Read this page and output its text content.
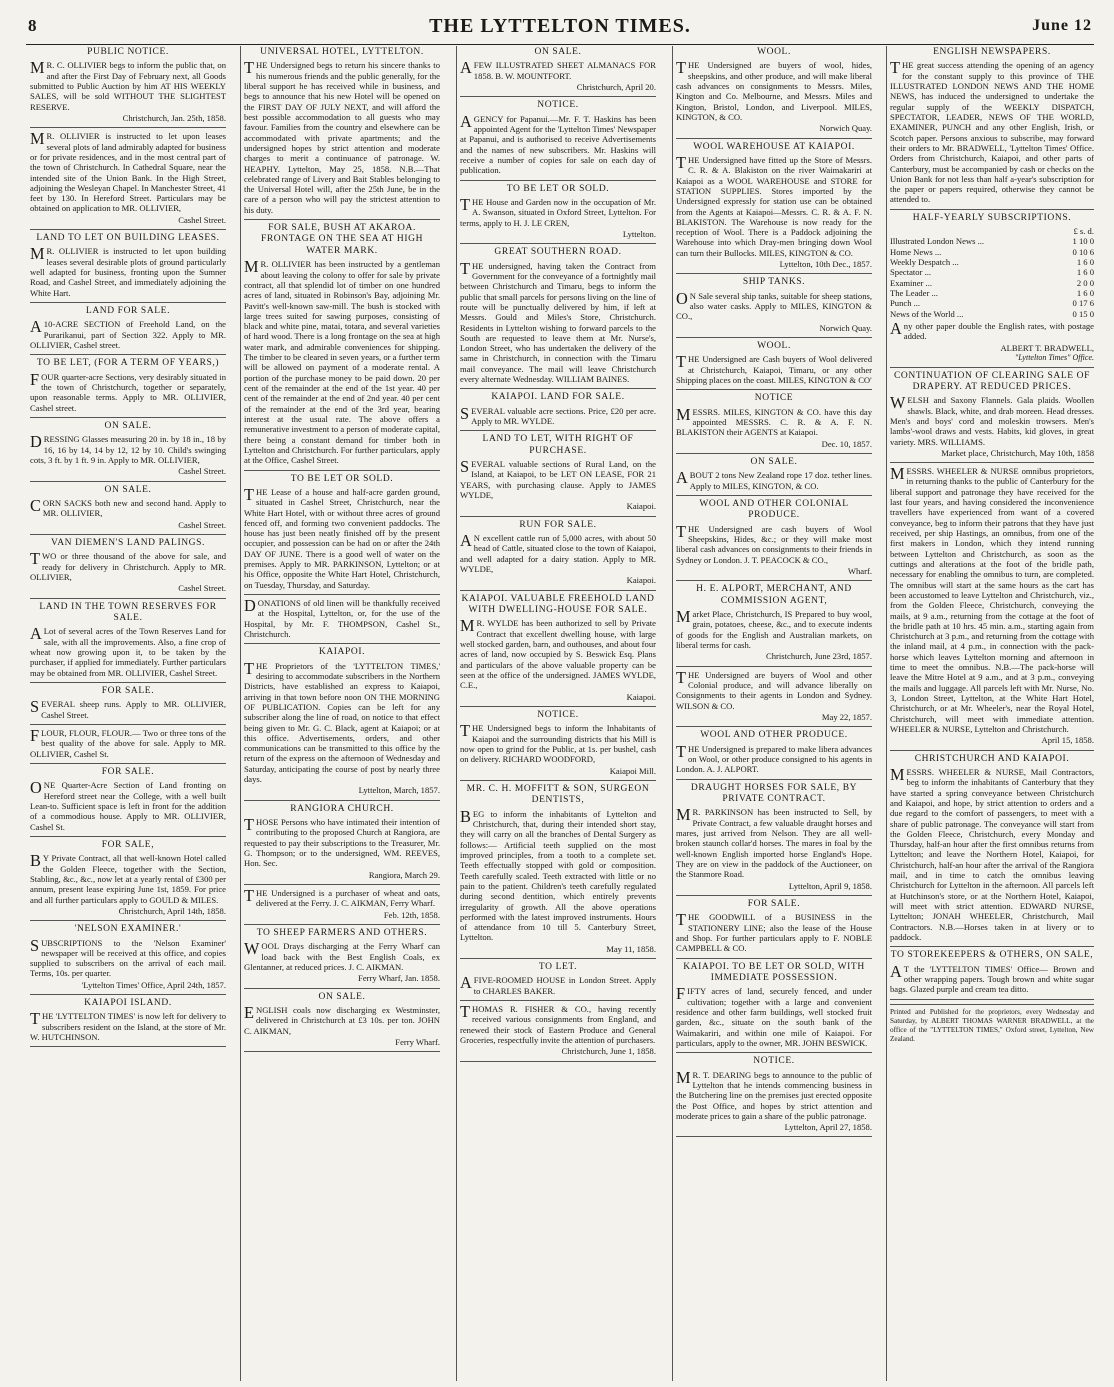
8	THE LYTTELTON TIMES.	June 12
PUBLIC NOTICE.

MR. C. OLLIVIER begs to inform the public that, on and after the First Day of February next, all Goods submitted to Public Auction by him AT HIS WEEKLY SALES, will be sold WITHOUT THE SLIGHTEST RESERVE.

Christchurch, Jan. 25th, 1858.

MR. OLLIVIER is instructed to let upon leases several plots of land admirably adapted for business or for private residences, and in the most central part of the town of Christchurch. In Cathedral Square, near the intended site of the Union Bank. In the High Street, adjoining the Wesleyan Chapel. In Manchester Street, 41 feet by 130. In Hereford Street. Particulars may be obtained on application to MR. OLLIVIER,

Cashel Street.
LAND TO LET ON BUILDING LEASES.

MR. OLLIVIER is instructed to let upon building leases several desirable plots of ground particularly well adapted for business, fronting upon the Sumner Road, and Cashel Street, and immediately adjoining the White Hart.

LAND FOR SALE.

A10-ACRE SECTION of Freehold Land, on the Purarikanui, part of Section 322. Apply to MR. OLLIVIER, Cashel street.

TO BE LET, (FOR A TERM OF YEARS,)

FOUR quarter-acre Sections, very desirably situated in the town of Christchurch, together or separately, upon reasonable terms. Apply to MR. OLLIVIER, Cashel street.

ON SALE.

DRESSING Glasses measuring 20 in. by 18 in., 18 by 16, 16 by 14, 14 by 12, 12 by 10. Child's swinging cots, 3 ft. by 1 ft. 9 in. Apply to MR. OLLIVIER,

Cashel Street.
ON SALE.

CORN SACKS both new and second hand. Apply to MR. OLLIVIER,

Cashel Street.
VAN DIEMEN'S LAND PALINGS.

TWO or three thousand of the above for sale, and ready for delivery in Christchurch. Apply to MR. OLLIVIER,

Cashel Street.
LAND IN THE TOWN RESERVES FOR SALE.

ALot of several acres of the Town Reserves Land for sale, with all the improvements. Also, a fine crop of wheat now growing upon it, to be taken by the purchaser, if applied for immediately. Further particulars may be obtained from MR. OLLIVIER, Cashel Street.

FOR SALE.

SEVERAL sheep runs. Apply to MR. OLLIVIER, Cashel Street.

FLOUR, FLOUR, FLOUR.— Two or three tons of the best quality of the above for sale. Apply to MR. OLLIVIER, Cashel St.

FOR SALE.

ONE Quarter-Acre Section of Land fronting on Hereford street near the College, with a well built Lean-to. Sufficient space is left in front for the addition of a commodious house. Apply to MR. OLLIVIER, Cashel St.

FOR SALE,

BY Private Contract, all that well-known Hotel called the Golden Fleece, together with the Section, Stabling, &c., &c., now let at a yearly rental of £300 per annum, present lease expiring June 1st, 1859. For price and all further particulars apply to GOULD & MILES.

Christchurch, April 14th, 1858.
'NELSON EXAMINER.'

SUBSCRIPTIONS to the 'Nelson Examiner' newspaper will be received at this office, and copies supplied to subscribers on the arrival of each mail. Terms, 10s. per quarter.

'Lyttelton Times' Office, April 24th, 1857.
KAIAPOI ISLAND.

THE 'LYTTELTON TIMES' is now left for delivery to subscribers resident on the Island, at the store of Mr. W. HUTCHINSON.

UNIVERSAL HOTEL, LYTTELTON.

THE Undersigned begs to return his sincere thanks to his numerous friends and the public generally, for the liberal support he has received while in business, and begs to announce that his new Hotel will be opened on the FIRST DAY OF JULY NEXT, and will afford the best possible accommodation to all guests who may favour. Families from the country and elsewhere can be accommodated with private apartments; and the undersigned hopes by strict attention and moderate charges to merit a continuance of patronage. W. HEAPHY. Lyttelton, May 25, 1858. N.B.—That celebrated range of Livery and Bait Stables belonging to the Universal Hotel will, after the 25th June, be in the care of a person who will pay the strictest attention to his duty.

FOR SALE, BUSH AT AKAROA. FRONTAGE ON THE SEA AT HIGH WATER MARK.

MR. OLLIVIER has been instructed by a gentleman about leaving the colony to offer for sale by private contract, all that splendid lot of timber on one hundred acres of land, situated in Robinson's Bay, adjoining Mr. Pavitt's well-known saw-mill. The bush is stocked with large trees suited for sawing purposes, consisting of black and white pine, matai, totara, and several varieties of hard wood. There is a long frontage on the sea at high water mark, and admirable conveniences for shipping. The timber to be cleared in seven years, or a further term will be allowed on payment of a moderate rental. A portion of the purchase money to be paid down. 20 per cent of the remainder at the end of the 1st year. 40 per cent of the remainder at the end of 2nd year. 40 per cent of the remainder at the end of the 3rd year, bearing interest at the usual rate. The above offers a remunerative investment to a person of moderate capital, there being a constant demand for timber both in Lyttelton and Christchurch. For further particulars, apply at the Office, Cashel Street.

TO BE LET OR SOLD.

THE Lease of a house and half-acre garden ground, situated in Cashel Street, Christchurch, near the White Hart Hotel, with or without three acres of ground fenced off, and forming two convenient paddocks. The house has just been neatly finished off by the present occupier, and possession can be had on or after the 24th DAY OF JUNE. There is a good well of water on the premises. Apply to MR. PARKINSON, Lyttelton; or at his Office, opposite the White Hart Hotel, Christchurch, on Tuesday, Thursday, and Saturday.

DONATIONS of old linen will be thankfully received at the Hospital, Lyttelton, or, for the use of the Hospital, by Mr. F. THOMPSON, Cashel St., Christchurch.

KAIAPOI.

THE Proprietors of the 'LYTTELTON TIMES,' desiring to accommodate subscribers in the Northern Districts, have established an express to Kaiapoi, arriving in that town before noon ON THE MORNING OF PUBLICATION. Copies can be left for any subscriber along the line of road, on notice to that effect being given to Mr. G. C. Black, agent at Kaiapoi; or at this office. Advertisements, orders, and other communications can be transmitted to this office by the return of the express on the afternoon of Wednesday and Saturday, anticipating the course of post by nearly three days.

Lyttelton, March, 1857.
RANGIORA CHURCH.

THOSE Persons who have intimated their intention of contributing to the proposed Church at Rangiora, are requested to pay their subscriptions to the Treasurer, Mr. G. Thompson; or to the undersigned, WM. REEVES, Hon. Sec.

Rangiora, March 29.

THE Undersigned is a purchaser of wheat and oats, delivered at the Ferry. J. C. AIKMAN, Ferry Wharf.

Feb. 12th, 1858.
TO SHEEP FARMERS AND OTHERS.

WOOL Drays discharging at the Ferry Wharf can load back with the Best English Coals, ex Glentanner, at reduced prices. J. C. AIKMAN.

Ferry Wharf, Jan. 1858.
ON SALE.

ENGLISH coals now discharging ex Westminster, delivered in Christchurch at £3 10s. per ton. JOHN C. AIKMAN,

Ferry Wharf.
ON SALE.

AFEW ILLUSTRATED SHEET ALMANACS FOR 1858. B. W. MOUNTFORT.

Christchurch, April 20.
NOTICE.

AGENCY for Papanui.—Mr. F. T. Haskins has been appointed Agent for the 'Lyttelton Times' Newspaper at Papanui, and is authorised to receive Advertisements and the names of new subscribers. Mr. Haskins will receive a number of copies for sale on each day of publication.

TO BE LET OR SOLD.

THE House and Garden now in the occupation of Mr. A. Swanson, situated in Oxford Street, Lyttelton. For terms, apply to H. J. LE CREN,

Lyttelton.
GREAT SOUTHERN ROAD.

THE undersigned, having taken the Contract from Government for the conveyance of a fortnightly mail between Christchurch and Timaru, begs to inform the public that small parcels for persons living on the line of route will be punctually delivered by him, if left at Messrs. Gould and Miles's Store, Christchurch. Residents in Lyttelton wishing to forward parcels to the South are requested to leave them at Mr. Nurse's, London Street, who has undertaken the delivery of the same in Christchurch, in connection with the Timaru mail conveyance. The mail will leave Christchurch every alternate Wednesday. WILLIAM BAINES.

KAIAPOI. LAND FOR SALE.

SEVERAL valuable acre sections. Price, £20 per acre. Apply to MR. WYLDE.

LAND TO LET, WITH RIGHT OF PURCHASE.

SEVERAL valuable sections of Rural Land, on the Island, at Kaiapoi, to be LET ON LEASE, FOR 21 YEARS, with purchasing clause. Apply to JAMES WYLDE,

Kaiapoi.
RUN FOR SALE.

AN excellent cattle run of 5,000 acres, with about 50 head of Cattle, situated close to the town of Kaiapoi, and well adapted for a dairy station. Apply to MR. WYLDE,

Kaiapoi.
KAIAPOI. VALUABLE FREEHOLD LAND WITH DWELLING-HOUSE FOR SALE.

MR. WYLDE has been authorized to sell by Private Contract that excellent dwelling house, with large well stocked garden, barn, and outhouses, and about four acres of land, now occupied by S. Beswick Esq. Plans and particulars of the above valuable property can be seen at the office of the undersigned. JAMES WYLDE, C.E.,

Kaiapoi.
NOTICE.

THE Undersigned begs to inform the Inhabitants of Kaiapoi and the surrounding districts that his Mill is now open to grind for the Public, at 1s. per bushel, cash on delivery. RICHARD WOODFORD,

Kaiapoi Mill.
MR. C. H. MOFFITT & SON, SURGEON DENTISTS,

BEG to inform the inhabitants of Lyttelton and Christchurch, that, during their intended short stay, they will carry on all the branches of Dental Surgery as follows:— Artificial teeth supplied on the most improved principles, from a tooth to a complete set. Teeth effectually stopped with gold or composition. Teeth carefully scaled. Teeth extracted with little or no pain to the patient. Children's teeth carefully regulated during second dentition, which entirely prevents irregularity of growth. All the above operations performed with the latest improved instruments. Hours of attendance from 10 till 5. Canterbury Street, Lyttelton.

May 11, 1858.
TO LET.

AFIVE-ROOMED HOUSE in London Street. Apply to CHARLES BAKER.

THOMAS R. FISHER & CO., having recently received various consignments from England, and renewed their stock of Eastern Produce and General Groceries, respectfully invite the attention of purchasers.

Christchurch, June 1, 1858.
WOOL.

THE Undersigned are buyers of wool, hides, sheepskins, and other produce, and will make liberal cash advances on consignments to Messrs. Miles, Kington and Co. Melbourne, and Messrs. Miles and Kington, Bristol, London, and Liverpool. MILES, KINGTON, & CO.

Norwich Quay.
WOOL WAREHOUSE AT KAIAPOI.

THE Undersigned have fitted up the Store of Messrs. C. R. & A. Blakiston on the river Waimakariri at Kaiapoi as a WOOL WAREHOUSE and STORE for STATION SUPPLIES. Stores imported by the Undersigned expressly for station use can be obtained from the Agents at Kaiapoi—Messrs. C. R. & A. F. N. BLAKISTON. The Warehouse is now ready for the reception of Wool. There is a Paddock adjoining the Warehouse into which Dray-men bringing down Wool can turn their Bullocks. MILES, KINGTON & CO.

Lyttelton, 10th Dec., 1857.
SHIP TANKS.

ON Sale several ship tanks, suitable for sheep stations, also water casks. Apply to MILES, KINGTON & CO.,

Norwich Quay.
WOOL.

THE Undersigned are Cash buyers of Wool delivered at Christchurch, Kaiapoi, Timaru, or any other Shipping places on the coast. MILES, KINGTON & CO'

NOTICE

MESSRS. MILES, KINGTON & CO. have this day appointed MESSRS. C. R. & A. F. N. BLAKISTON their AGENTS at Kaiapoi.

Dec. 10, 1857.
ON SALE.

ABOUT 2 tons New Zealand rope 17 doz. tether lines. Apply to MILES, KINGTON, & CO.

WOOL AND OTHER COLONIAL PRODUCE.

THE Undersigned are cash buyers of Wool Sheepskins, Hides, &c.; or they will make most liberal cash advances on consignments to their friends in Sydney or London. J. T. PEACOCK & CO.,

Wharf.
H. E. ALPORT, MERCHANT, AND COMMISSION AGENT,

Market Place, Christchurch, IS Prepared to buy wool, grain, potatoes, cheese, &c., and to execute indents of goods for the English and Australian markets, on liberal terms for cash.

Christchurch, June 23rd, 1857.

THE Undersigned are buyers of Wool and other Colonial produce, and will advance liberally on Consignments to their agents in London and Sydney. WILSON & CO.

May 22, 1857.
WOOL AND OTHER PRODUCE.

THE Undersigned is prepared to make libera advances on Wool, or other produce consigned to his agents in London. A. J. ALPORT.

DRAUGHT HORSES FOR SALE, BY PRIVATE CONTRACT.

MR. PARKINSON has been instructed to Sell, by Private Contract, a few valuable draught horses and mares, just arrived from Nelson. They are all well-broken staunch collar'd horses. The mares in foal by the well-known English imported horse England's Hope. They are on view in the paddock of the Auctioneer, on the Stanmore Road.

Lyttelton, April 9, 1858.
FOR SALE.

THE GOODWILL of a BUSINESS in the STATIONERY LINE; also the lease of the House and Shop. For further particulars apply to F. NOBLE CAMPBELL & CO.

KAIAPOI. TO BE LET OR SOLD, WITH IMMEDIATE POSSESSION.

FIFTY acres of land, securely fenced, and under cultivation; together with a large and convenient residence and other farm buildings, well stocked fruit garden, &c., situate on the south bank of the Waimakariri, and within one mile of Kaiapoi. For particulars, apply to the owner, MR. JOHN BESWICK.

NOTICE.

MR. T. DEARING begs to announce to the public of Lyttelton that he intends commencing business in the Butchering line on the premises just erected opposite the Post Office, and hopes by strict attention and moderate prices to gain a share of the public patronage.

Lyttelton, April 27, 1858.
ENGLISH NEWSPAPERS.

THE great success attending the opening of an agency for the constant supply to this province of THE ILLUSTRATED LONDON NEWS AND THE HOME NEWS, has induced the undersigned to undertake the regular supply of the WEEKLY DISPATCH, SPECTATOR, LEADER, NEWS OF THE WORLD, EXAMINER, PUNCH and any other English, Irish, or Scotch paper. Persons anxious to subscribe, may forward their orders to Mr. BRADWELL, 'Lyttelton Times' Office. Orders from Christchurch, Kaiapoi, and other parts of Canterbury, must be accompanied by cash or checks on the Union Bank for not less than half a-year's subscription for the paper or papers required, otherwise they cannot be attended to.

HALF-YEARLY SUBSCRIPTIONS.
£ s. d.
Illustrated London News ...	1 10 0
Home News ...	0 10 6
Weekly Despatch ...	1 6 0
Spectator ...	1 6 0
Examiner ...	2 0 0
The Leader ...	1 6 0
Punch ...	0 17 6
News of the World ...	0 15 0

Any other paper double the English rates, with postage added.

ALBERT T. BRADWELL,
"Lyttelton Times" Office.
CONTINUATION OF CLEARING SALE OF DRAPERY. AT REDUCED PRICES.

WELSH and Saxony Flannels. Gala plaids. Woollen shawls. Black, white, and drab moreen. Head dresses. Men's and boys' cord and moleskin trowsers. Men's lambs'-wool draws and vests. Habits, kid gloves, in great variety. MRS. WILLIAMS.

Market place, Christchurch, May 10th, 1858

MESSRS. WHEELER & NURSE omnibus proprietors, in returning thanks to the public of Canterbury for the liberal support and patronage they have received for the last four years, and having considered the inconvenience travellers have experienced from want of a covered conveyance, beg to inform their patrons that they have just received, per ship Hastings, an omnibus, from one of the first makers in London, which they intend running between Lyttelton and Christchurch, as soon as the cuttings and alterations at the foot of the bridle path, necessary for enabling the omnibus to turn, are completed. The omnibus will start at the same hours as the cart has been accustomed to leave Lyttelton and Christchurch, viz., from the Golden Fleece, Christchurch, conveying the mails, at 9 a.m., returning from the cottage at the foot of the bridle path at 10 hrs. 45 min. a.m., starting again from Christchurch at 3 p.m., and returning from the cottage with the inland mail, at 4 p.m., in connection with the pack-horse which leaves Lyttelton morning and afternoon in time to meet the omnibus. N.B.—The pack-horse will leave the Mitre Hotel at 9 a.m., and at 3 p.m., conveying the mails and luggage. All parcels left with Mr. Nurse, No. 3, London Street, Lyttelton, at the White Hart Hotel, Christchurch, or at Mr. Wheeler's, near the Royal Hotel, Christchurch, will meet with immediate attention. WHEELER & NURSE, Lyttelton and Christchurch.

April 15, 1858.
CHRISTCHURCH AND KAIAPOI.

MESSRS. WHEELER & NURSE, Mail Contractors, beg to inform the inhabitants of Canterbury that they have started a spring conveyance between Christchurch and Kaiapoi, and hope, by strict attention to orders and a due regard to the comfort of passengers, to meet with a share of public patronage. The conveyance will start from the Golden Fleece, Christchurch, every Monday and Thursday, half-an hour after the first omnibus returns from Lyttelton; and leave the Northern Hotel, Kaiapoi, for Christchurch, half-an hour after the arrival of the Rangiora mail, and in time to catch the omnibus leaving Christchurch for Lyttelton in the afternoon. All parcels left at Hutchinson's store, or at the Northern Hotel, Kaiapoi, will meet with strict attention. EDWARD NURSE, Lyttelton; JONAH WHEELER, Christchurch, Mail Contractors. N.B.—Horses taken in at livery or to paddock.

TO STOREKEEPERS & OTHERS, ON SALE,

AT the 'LYTTELTON TIMES' Office— Brown and other wrapping papers. Tough brown and white sugar bags. Glazed purple and cream tea ditto.

Printed and Published for the proprietors, every Wednesday and Saturday, by ALBERT THOMAS WARNER BRADWELL, at the office of the "LYTTELTON TIMES," Oxford street, Lyttelton, New Zealand.
